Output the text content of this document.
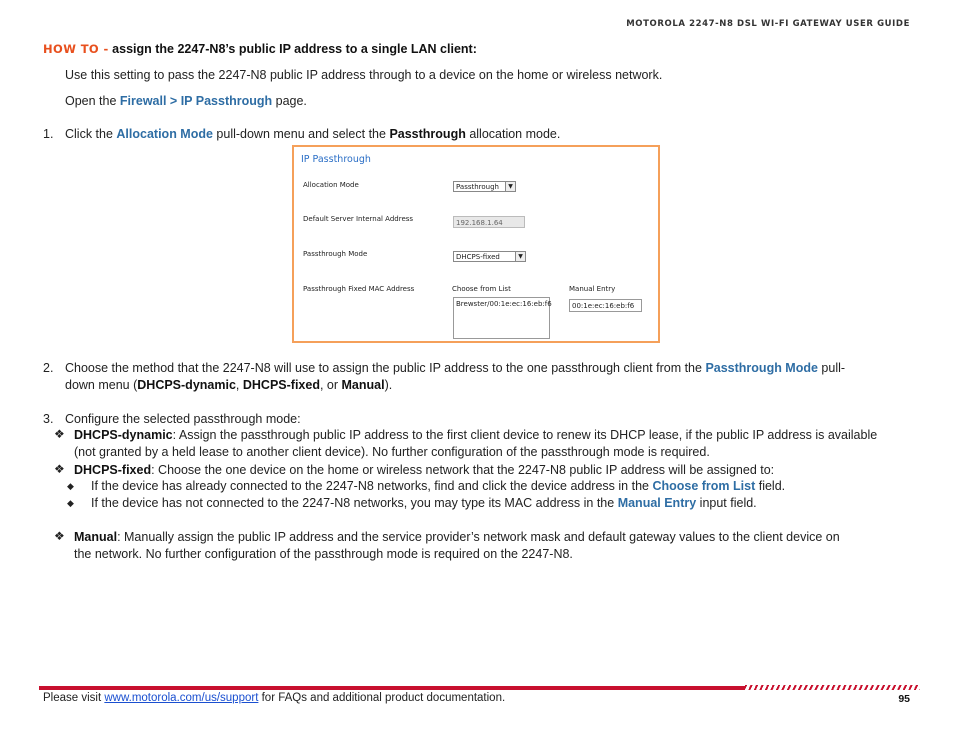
MOTOROLA 2247-N8 DSL WI-FI GATEWAY USER GUIDE
HOW TO - assign the 2247-N8’s public IP address to a single LAN client:
Use this setting to pass the 2247-N8 public IP address through to a device on the home or wireless network.
Open the Firewall > IP Passthrough page.
1. Click the Allocation Mode pull-down menu and select the Passthrough allocation mode.
IP Passthrough
Allocation Mode	Passthrough	▼
Default Server Internal Address	192.168.1.64
Passthrough Mode	DHCPS-fixed	▼
Passthrough Fixed MAC Address	Choose from List	Manual Entry
Brewster/00:1e:ec:16:eb:f6	00:1e:ec:16:eb:f6
2. Choose the method that the 2247-N8 will use to assign the public IP address to the one passthrough client from the Passthrough Mode pull-
down menu (DHCPS-dynamic, DHCPS-fixed, or Manual).
3. Configure the selected passthrough mode:
❖ DHCPS-dynamic: Assign the passthrough public IP address to the first client device to renew its DHCP lease, if the public IP address is available
(not granted by a held lease to another client device). No further configuration of the passthrough mode is required.
❖ DHCPS-fixed: Choose the one device on the home or wireless network that the 2247-N8 public IP address will be assigned to:
◆ If the device has already connected to the 2247-N8 networks, find and click the device address in the Choose from List field.
◆ If the device has not connected to the 2247-N8 networks, you may type its MAC address in the Manual Entry input field.
❖ Manual: Manually assign the public IP address and the service provider’s network mask and default gateway values to the client device on
the network. No further configuration of the passthrough mode is required on the 2247-N8.
Please visit www.motorola.com/us/support for FAQs and additional product documentation.	95
